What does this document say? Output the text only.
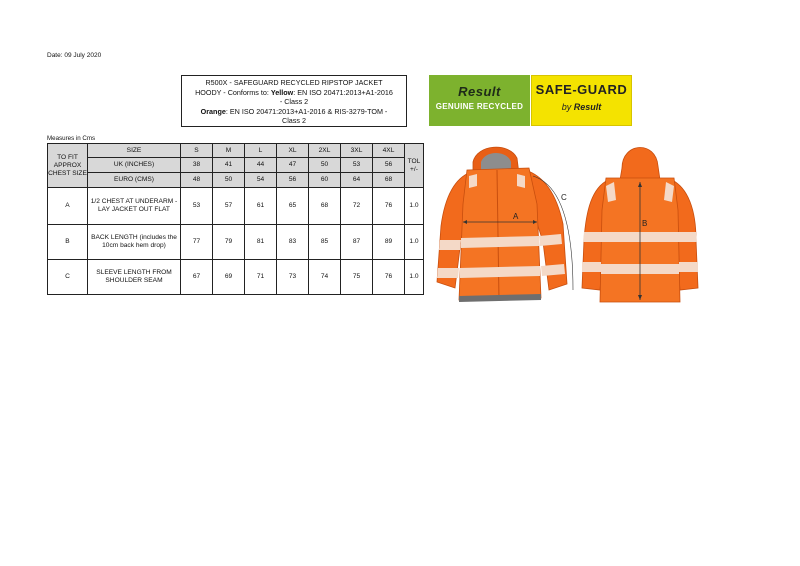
Date: 09 July 2020
R500X - SAFEGUARD RECYCLED RIPSTOP JACKET
HOODY - Conforms to: Yellow: EN ISO 20471:2013+A1-2016
- Class 2
Orange: EN ISO 20471:2013+A1-2016 & RIS-3279-TOM -
Class 2
Result
GENUINE RECYCLED
SAFE-GUARD
by Result
Measures in Cms
TO FIT APPROX CHEST SIZE	SIZE	S	M	L	XL	2XL	3XL	4XL	TOL +/-
	UK (INCHES)	38	41	44	47	50	53	56	
	EURO (CMS)	48	50	54	56	60	64	68	
A	1/2 CHEST AT UNDERARM - LAY JACKET OUT FLAT	53	57	61	65	68	72	76	1.0
B	BACK LENGTH (includes the 10cm back hem drop)	77	79	81	83	85	87	89	1.0
C	SLEEVE LENGTH FROM SHOULDER SEAM	67	69	71	73	74	75	76	1.0
A
C
B
